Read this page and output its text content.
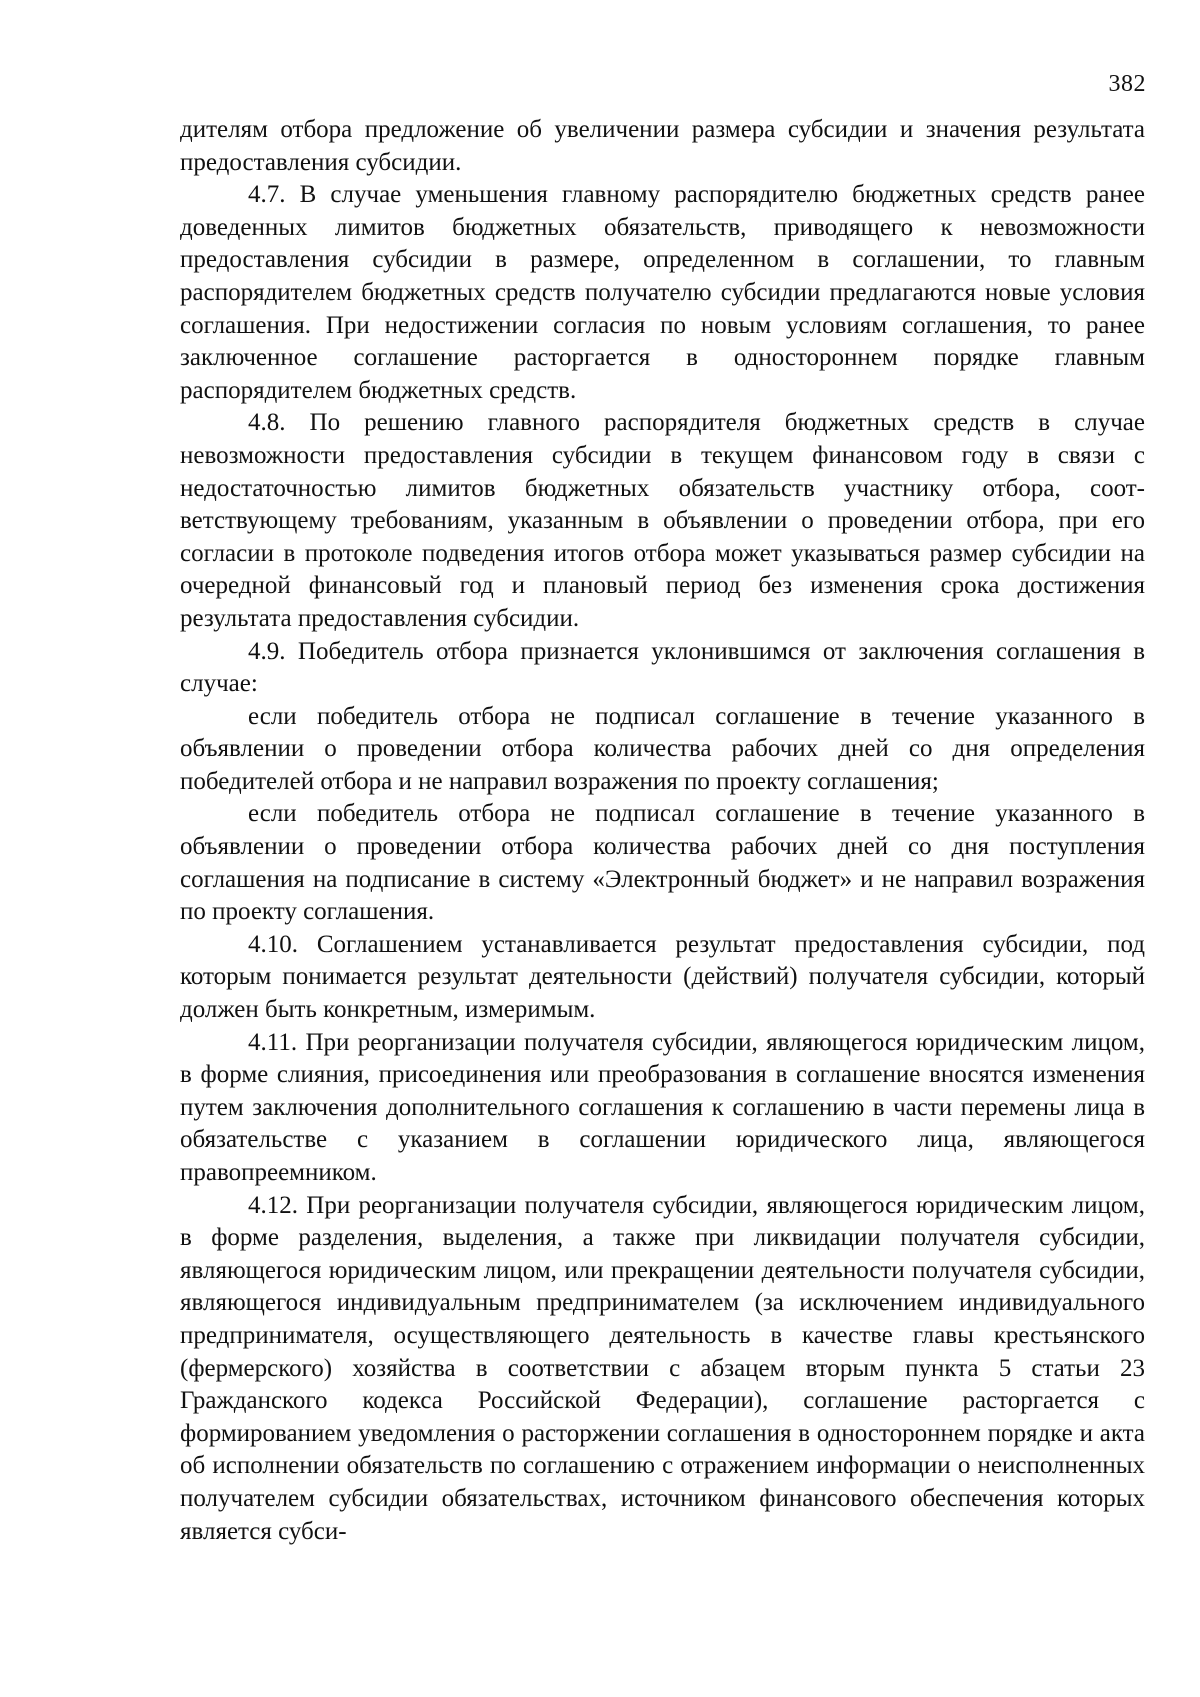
382

дителям отбора предложение об увеличении размера субсидии и значения результата предоставления субсидии.

4.7. В случае уменьшения главному распорядителю бюджетных средств ранее доведенных лимитов бюджетных обязательств, приводящего к невозможности предоставления субсидии в размере, определенном в соглашении, то главным распорядителем бюджетных средств получателю субсидии предлагаются новые условия соглашения. При недостижении согласия по новым условиям соглашения, то ранее заключенное соглашение расторгается в одностороннем порядке главным распорядителем бюджетных средств.

4.8. По решению главного распорядителя бюджетных средств в случае невозможности предоставления субсидии в текущем финансовом году в связи с недостаточностью лимитов бюджетных обязательств участнику отбора, соответствующему требованиям, указанным в объявлении о проведении отбора, при его согласии в протоколе подведения итогов отбора может указываться размер субсидии на очередной финансовый год и плановый период без изменения срока достижения результата предоставления субсидии.

4.9. Победитель отбора признается уклонившимся от заключения соглашения в случае:

если победитель отбора не подписал соглашение в течение указанного в объявлении о проведении отбора количества рабочих дней со дня определения победителей отбора и не направил возражения по проекту соглашения;

если победитель отбора не подписал соглашение в течение указанного в объявлении о проведении отбора количества рабочих дней со дня поступления соглашения на подписание в систему «Электронный бюджет» и не направил возражения по проекту соглашения.

4.10. Соглашением устанавливается результат предоставления субсидии, под которым понимается результат деятельности (действий) получателя субсидии, который должен быть конкретным, измеримым.

4.11. При реорганизации получателя субсидии, являющегося юридическим лицом, в форме слияния, присоединения или преобразования в соглашение вносятся изменения путем заключения дополнительного соглашения к соглашению в части перемены лица в обязательстве с указанием в соглашении юридического лица, являющегося правопреемником.

4.12. При реорганизации получателя субсидии, являющегося юридическим лицом, в форме разделения, выделения, а также при ликвидации получателя субсидии, являющегося юридическим лицом, или прекращении деятельности получателя субсидии, являющегося индивидуальным предпринимателем (за исключением индивидуального предпринимателя, осуществляющего деятельность в качестве главы крестьянского (фермерского) хозяйства в соответствии с абзацем вторым пункта 5 статьи 23 Гражданского кодекса Российской Федерации), соглашение расторгается с формированием уведомления о расторжении соглашения в одностороннем порядке и акта об исполнении обязательств по соглашению с отражением информации о неисполненных получателем субсидии обязательствах, источником финансового обеспечения которых является субси-
